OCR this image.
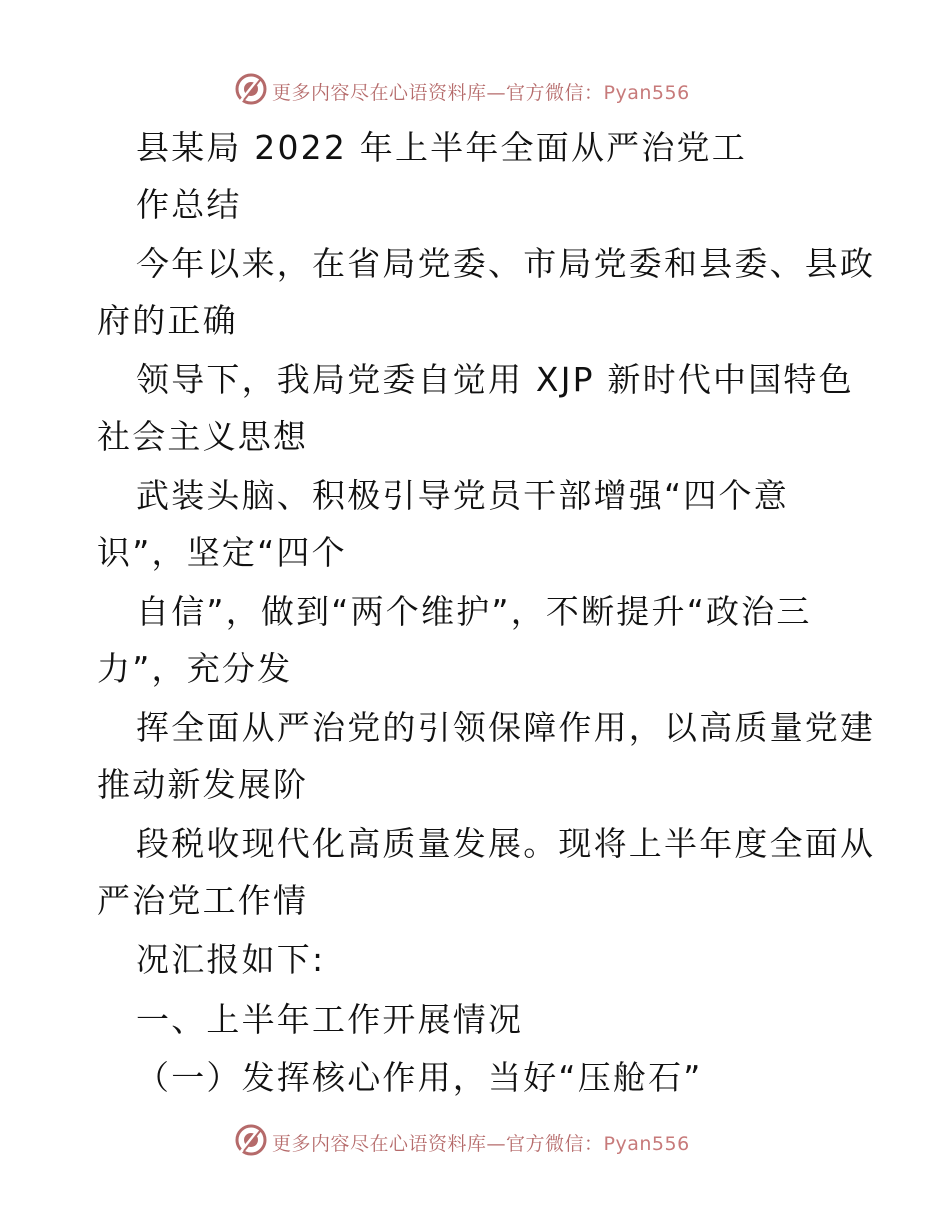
更多内容尽在心语资料库—官方微信：Pyan556
县某局 2022 年上半年全面从严治党工
作总结
今年以来，在省局党委、市局党委和县委、县政
府的正确
领导下，我局党委自觉用 XJP 新时代中国特色
社会主义思想
武装头脑、积极引导党员干部增强“四个意
识”，坚定“四个
自信”，做到“两个维护”，不断提升“政治三
力”，充分发
挥全面从严治党的引领保障作用，以高质量党建
推动新发展阶
段税收现代化高质量发展。现将上半年度全面从
严治党工作情
况汇报如下:
一、上半年工作开展情况
（一）发挥核心作用，当好“压舱石”
更多内容尽在心语资料库—官方微信：Pyan556
